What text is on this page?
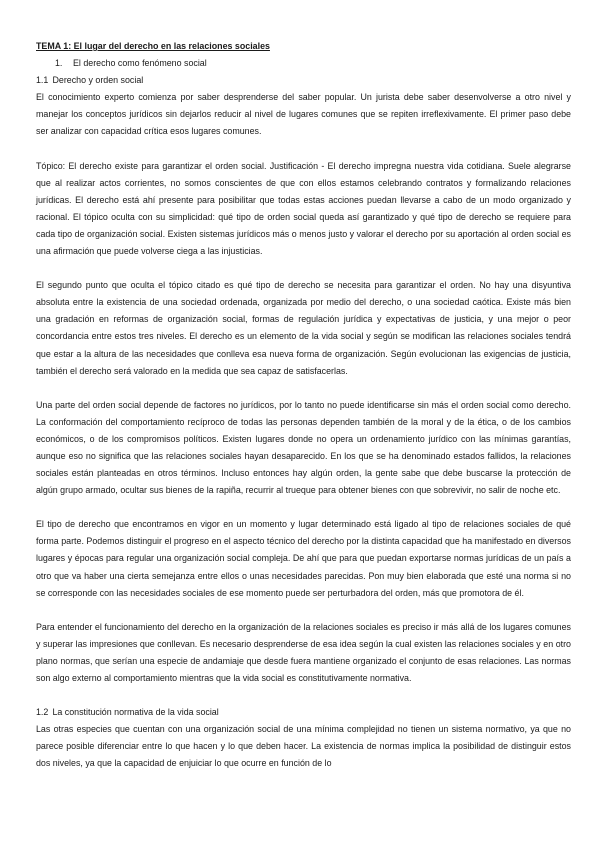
TEMA 1: El lugar del derecho en las relaciones sociales
1. El derecho como fenómeno social
1.1 Derecho y orden social

El conocimiento experto comienza por saber desprenderse del saber popular. Un jurista debe saber desenvolverse a otro nivel y manejar los conceptos jurídicos sin dejarlos reducir al nivel de lugares comunes que se repiten irreflexivamente. El primer paso debe ser analizar con capacidad crítica esos lugares comunes.

Tópico: El derecho existe para garantizar el orden social. Justificación - El derecho impregna nuestra vida cotidiana. Suele alegrarse que al realizar actos corrientes, no somos conscientes de que con ellos estamos celebrando contratos y formalizando relaciones jurídicas. El derecho está ahí presente para posibilitar que todas estas acciones puedan llevarse a cabo de un modo organizado y racional. El tópico oculta con su simplicidad: qué tipo de orden social queda así garantizado y qué tipo de derecho se requiere para cada tipo de organización social. Existen sistemas jurídicos más o menos justo y valorar el derecho por su aportación al orden social es una afirmación que puede volverse ciega a las injusticias.

El segundo punto que oculta el tópico citado es qué tipo de derecho se necesita para garantizar el orden. No hay una disyuntiva absoluta entre la existencia de una sociedad ordenada, organizada por medio del derecho, o una sociedad caótica. Existe más bien una gradación en reformas de organización social, formas de regulación jurídica y expectativas de justicia, y una mejor o peor concordancia entre estos tres niveles. El derecho es un elemento de la vida social y según se modifican las relaciones sociales tendrá que estar a la altura de las necesidades que conlleva esa nueva forma de organización. Según evolucionan las exigencias de justicia, también el derecho será valorado en la medida que sea capaz de satisfacerlas.

Una parte del orden social depende de factores no jurídicos, por lo tanto no puede identificarse sin más el orden social como derecho. La conformación del comportamiento recíproco de todas las personas dependen también de la moral y de la ética, o de los cambios económicos, o de los compromisos políticos. Existen lugares donde no opera un ordenamiento jurídico con las mínimas garantías, aunque eso no significa que las relaciones sociales hayan desaparecido. En los que se ha denominado estados fallidos, la relaciones sociales están planteadas en otros términos. Incluso entonces hay algún orden, la gente sabe que debe buscarse la protección de algún grupo armado, ocultar sus bienes de la rapiña, recurrir al trueque para obtener bienes con que sobrevivir, no salir de noche etc.

El tipo de derecho que encontramos en vigor en un momento y lugar determinado está ligado al tipo de relaciones sociales de qué forma parte. Podemos distinguir el progreso en el aspecto técnico del derecho por la distinta capacidad que ha manifestado en diversos lugares y épocas para regular una organización social compleja. De ahí que para que puedan exportarse normas jurídicas de un país a otro que va haber una cierta semejanza entre ellos o unas necesidades parecidas. Pon muy bien elaborada que esté una norma si no se corresponde con las necesidades sociales de ese momento puede ser perturbadora del orden, más que promotora de él.

Para entender el funcionamiento del derecho en la organización de la relaciones sociales es preciso ir más allá de los lugares comunes y superar las impresiones que conllevan. Es necesario desprenderse de esa idea según la cual existen las relaciones sociales y en otro plano normas, que serían una especie de andamiaje que desde fuera mantiene organizado el conjunto de esas relaciones. Las normas son algo externo al comportamiento mientras que la vida social es constitutivamente normativa.

1.2 La constitución normativa de la vida social

Las otras especies que cuentan con una organización social de una mínima complejidad no tienen un sistema normativo, ya que no parece posible diferenciar entre lo que hacen y lo que deben hacer. La existencia de normas implica la posibilidad de distinguir estos dos niveles, ya que la capacidad de enjuiciar lo que ocurre en función de lo
